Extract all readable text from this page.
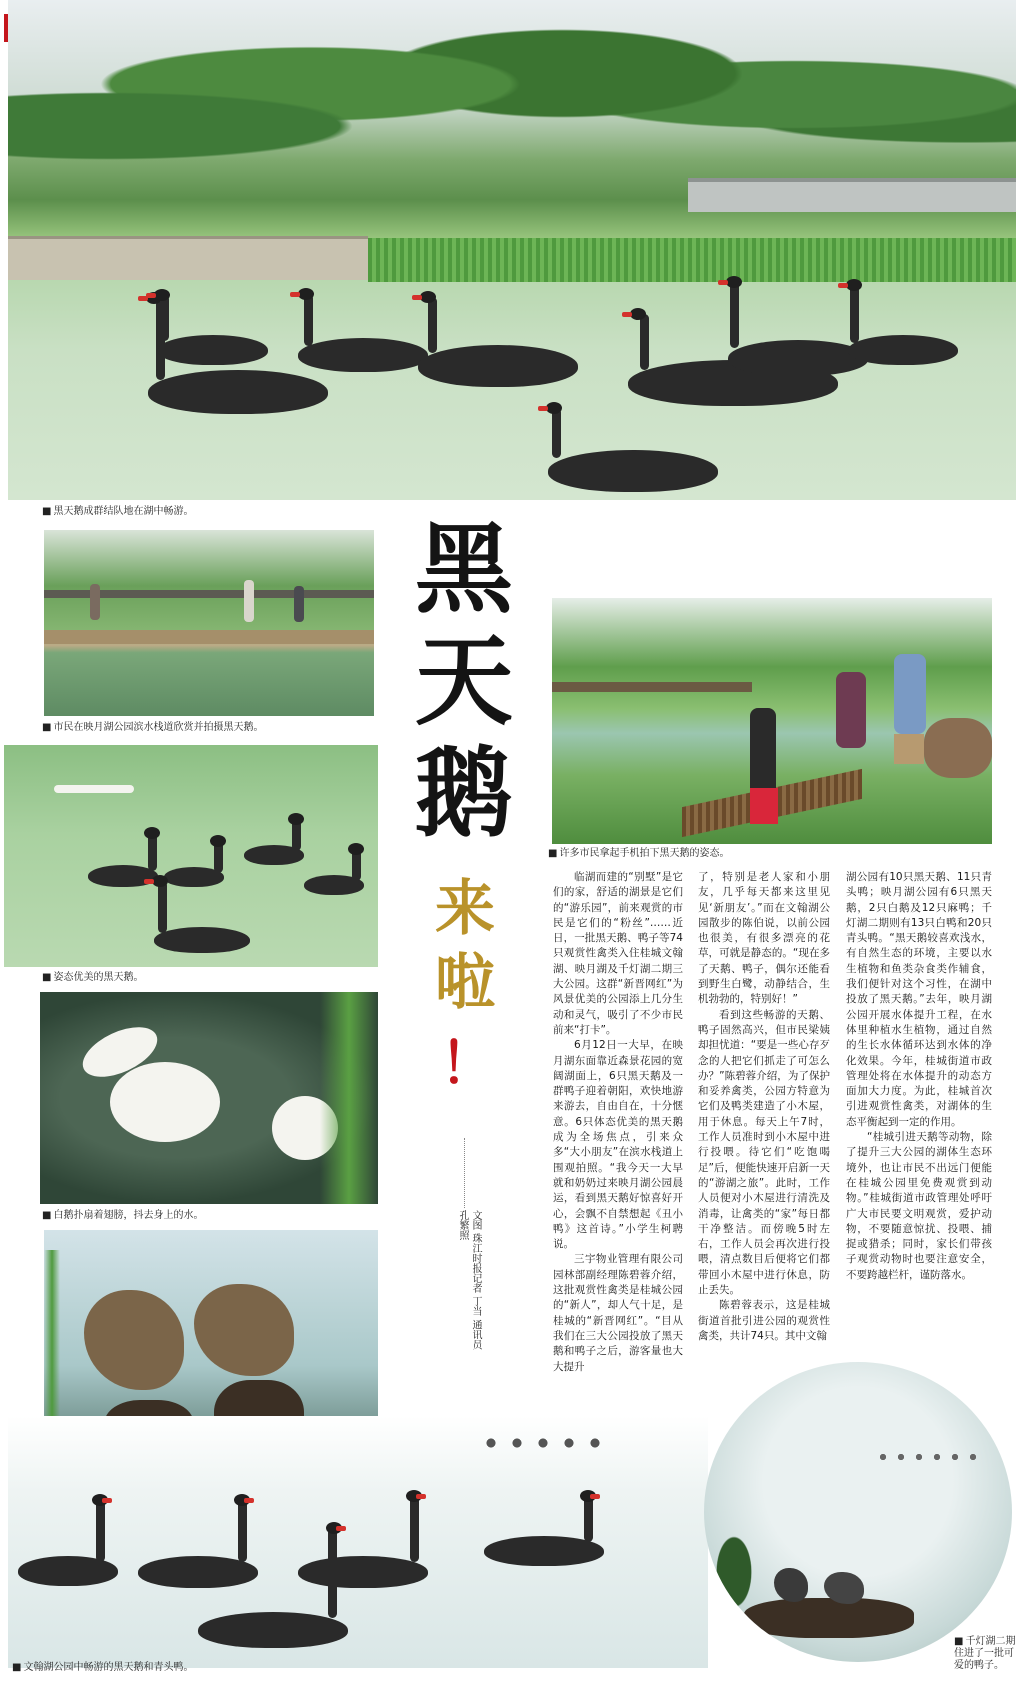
■ 黑天鹅成群结队地在湖中畅游。
■ 市民在映月湖公园滨水栈道欣赏并拍摄黑天鹅。
■ 姿态优美的黑天鹅。
■ 白鹅扑扇着翅膀，抖去身上的水。
■
■ 许多市民拿起手机拍下黑天鹅的姿态。
黑
天
鹅
来
啦
！
文图 珠江时报记者 丁当 通讯员 孔繁照

临湖而建的“别墅”是它们的家，舒适的湖景是它们的“游乐园”，前来观赏的市民是它们的“粉丝”……近日，一批黑天鹅、鸭子等74只观赏性禽类入住桂城文翰湖、映月湖及千灯湖二期三大公园。这群“新晋网红”为风景优美的公园添上几分生动和灵气，吸引了不少市民前来“打卡”。

6月12日一大早，在映月湖东面靠近森景花园的宽阔湖面上，6只黑天鹅及一群鸭子迎着朝阳，欢快地游来游去，自由自在，十分惬意。6只体态优美的黑天鹅成为全场焦点，引来众多“大小朋友”在滨水栈道上围观拍照。“我今天一大早就和奶奶过来映月湖公园晨运，看到黑天鹅好惊喜好开心，会飘不自禁想起《丑小鸭》这首诗。”小学生柯聘说。

三宇物业管理有限公司园林部副经理陈碧蓉介绍，这批观赏性禽类是桂城公园的“新人”，却人气十足，是桂城的“新晋网红”。“目从我们在三大公园投放了黑天鹅和鸭子之后，游客量也大大提升

了，特别是老人家和小朋友，几乎每天都来这里见见‘新朋友’。”而在文翰湖公园散步的陈伯说，以前公园也很美，有很多漂亮的花草，可就是静态的。“现在多了天鹅、鸭子，偶尔还能看到野生白鹭，动静结合，生机勃勃的，特别好！”

看到这些畅游的天鹅、鸭子固然高兴，但市民梁姨却担忧道：“要是一些心存歹念的人把它们抓走了可怎么办？”陈碧蓉介绍，为了保护和妥养禽类，公园方特意为它们及鸭类建造了小木屋，用于休息。每天上午7时，工作人员准时到小木屋中进行投喂。待它们“吃饱喝足”后，便能快速开启新一天的“游湖之旅”。此时，工作人员便对小木屋进行清洗及消毒，让禽类的“家”每日都干净整洁。而傍晚5时左右，工作人员会再次进行投喂，清点数目后便将它们都带回小木屋中进行休息，防止丢失。

陈碧蓉表示，这是桂城街道首批引进公园的观赏性禽类，共计74只。其中文翰

湖公园有10只黑天鹅、11只青头鸭；映月湖公园有6只黑天鹅，2只白鹅及12只麻鸭；千灯湖二期则有13只白鸭和20只青头鸭。“黑天鹅较喜欢浅水，有自然生态的环境，主要以水生植物和鱼类杂食类作辅食，我们便针对这个习性，在湖中投放了黑天鹅。”去年，映月湖公园开展水体提升工程，在水体里种植水生植物，通过自然的生长水体循环达到水体的净化效果。今年，桂城街道市政管理处将在水体提升的动态方面加大力度。为此，桂城首次引进观赏性禽类，对湖体的生态平衡起到一定的作用。

“桂城引进天鹅等动物，除了提升三大公园的湖体生态环境外，也让市民不出远门便能在桂城公园里免费观赏到动物。”桂城街道市政管理处呼吁广大市民要文明观赏，爱护动物，不要随意惊扰、投喂、捕捉或猎杀；同时，家长们带孩子观赏动物时也要注意安全，不要跨越栏杆，谨防落水。

■ 文翰湖公园中畅游的黑天鹅和青头鸭。
■ 千灯湖二期住进了一批可爱的鸭子。
